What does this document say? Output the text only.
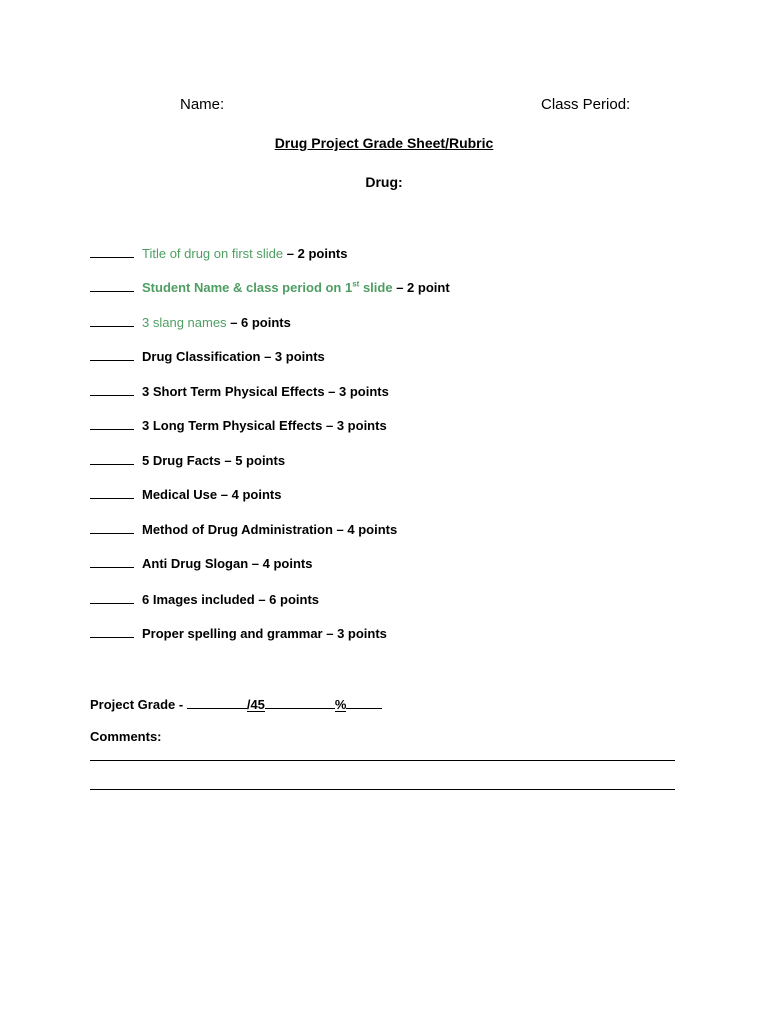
Name:	Class Period:
Drug Project Grade Sheet/Rubric
Drug:
Title of drug on first slide – 2 points
Student Name & class period on 1st slide – 2 point
3 slang names – 6 points
Drug Classification – 3 points
3 Short Term Physical Effects – 3 points
3 Long Term Physical Effects – 3 points
5 Drug Facts – 5 points
Medical Use – 4 points
Method of Drug Administration – 4 points
Anti Drug Slogan – 4 points
6 Images included – 6 points
Proper spelling and grammar – 3 points
Project Grade -	/45	%
Comments:
